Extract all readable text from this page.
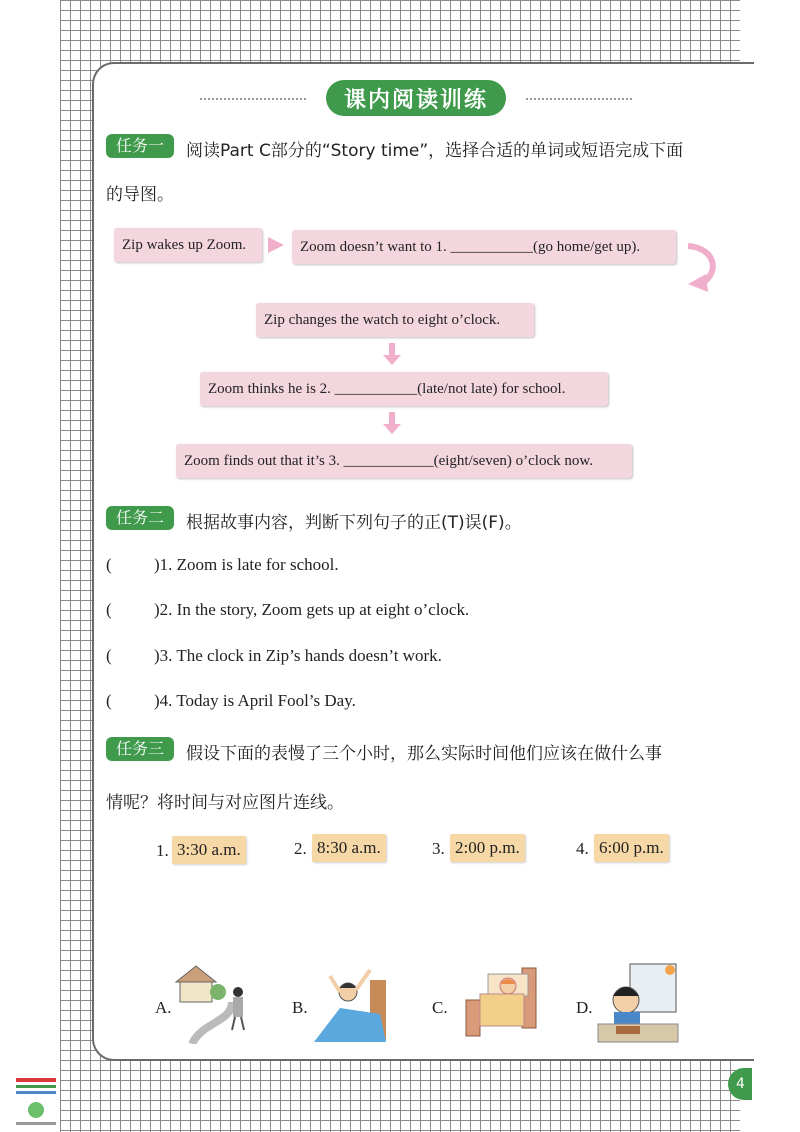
课内阅读训练
任务一	阅读Part C部分的“Story time”，选择合适的单词或短语完成下面
的导图。
Zip wakes up Zoom.	Zoom doesn’t want to 1. ___________(go home/get up).
Zip changes the watch to eight o’clock.
Zoom thinks he is 2. ___________(late/not late) for school.
Zoom finds out that it’s 3. ____________(eight/seven) o’clock now.
任务二	根据故事内容，判断下列句子的正(T)误(F)。
( )1. Zoom is late for school.
( )2. In the story, Zoom gets up at eight o’clock.
( )3. The clock in Zip’s hands doesn’t work.
( )4. Today is April Fool’s Day.
任务三	假设下面的表慢了三个小时，那么实际时间他们应该在做什么事
情呢？将时间与对应图片连线。
1. 3:30 a.m.	2. 8:30 a.m.	3. 2:00 p.m.	4. 6:00 p.m.
A.	B.	C.	D.
4
